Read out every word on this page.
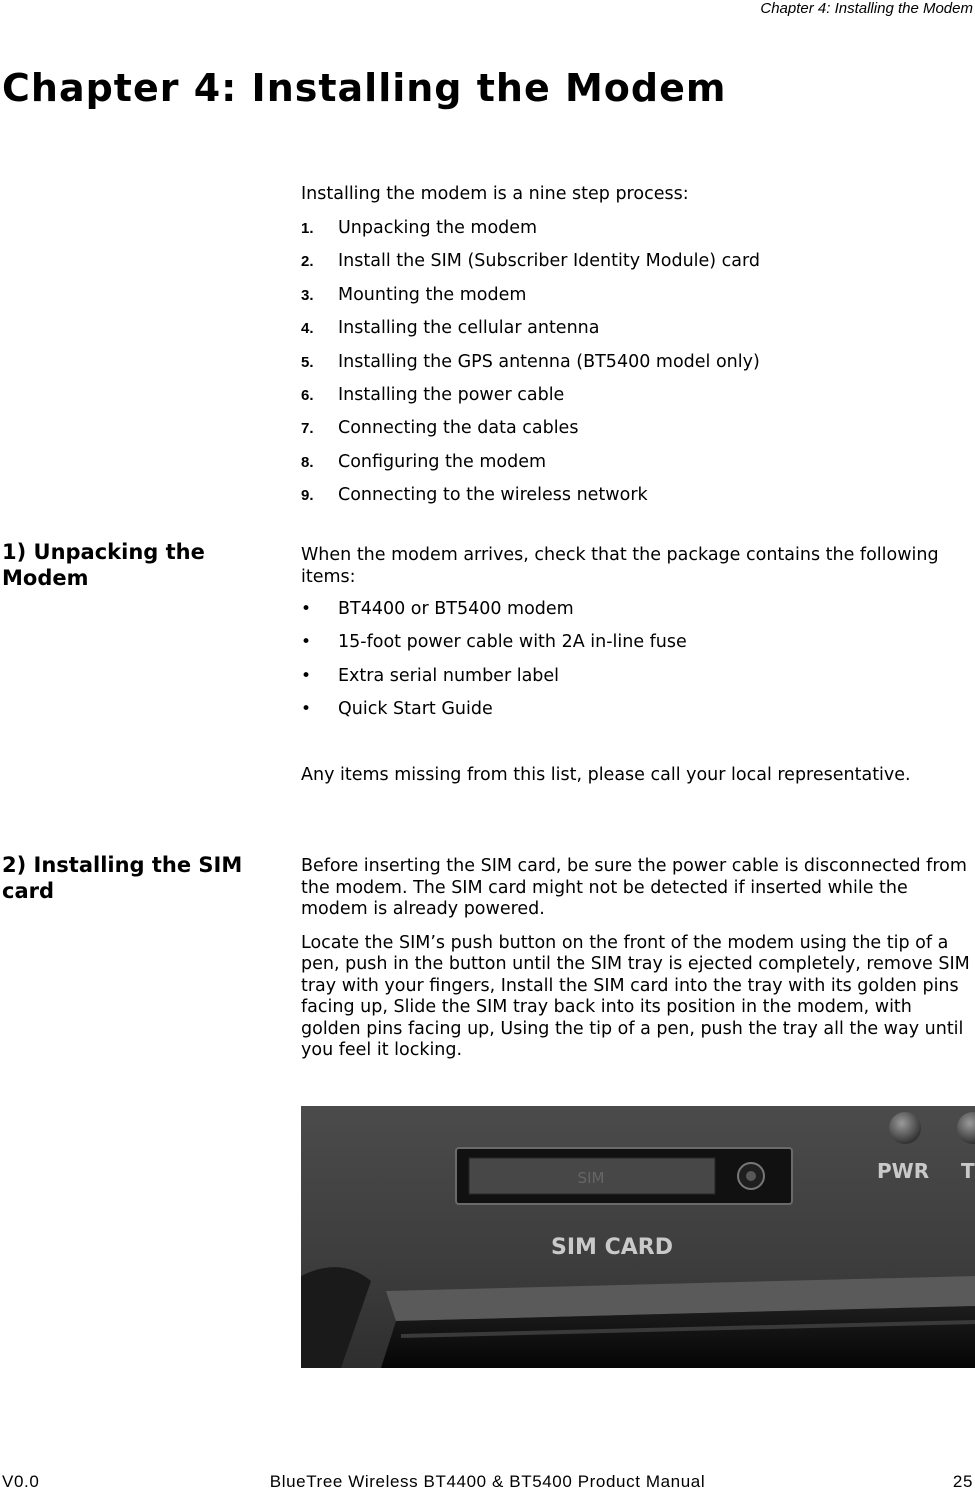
Chapter 4: Installing the Modem
Chapter 4: Installing the Modem

Installing the modem is a nine step process:

1.	Unpacking the modem
2.	Install the SIM (Subscriber Identity Module) card
3.	Mounting the modem
4.	Installing the cellular antenna
5.	Installing the GPS antenna (BT5400 model only)
6.	Installing the power cable
7.	Connecting the data cables
8.	Configuring the modem
9.	Connecting to the wireless network
1) Unpacking the Modem

When the modem arrives, check that the package contains the following items:

•	BT4400 or BT5400 modem
•	15-foot power cable with 2A in-line fuse
•	Extra serial number label
•	Quick Start Guide
Any items missing from this list, please call your local representative.
2) Installing the SIM card

Before inserting the SIM card, be sure the power cable is disconnected from the modem. The SIM card might not be detected if inserted while the modem is already powered.

Locate the SIM’s push button on the front of the modem using the tip of a pen, push in the button until the SIM tray is ejected completely, remove SIM tray with your fingers, Install the SIM card into the tray with its golden pins facing up, Slide the SIM tray back into its position in the modem, with golden pins facing up, Using the tip of a pen, push the tray all the way until you feel it locking.

SIM
SIM CARD
PWR T
V0.0	BlueTree Wireless BT4400 & BT5400 Product Manual	25
